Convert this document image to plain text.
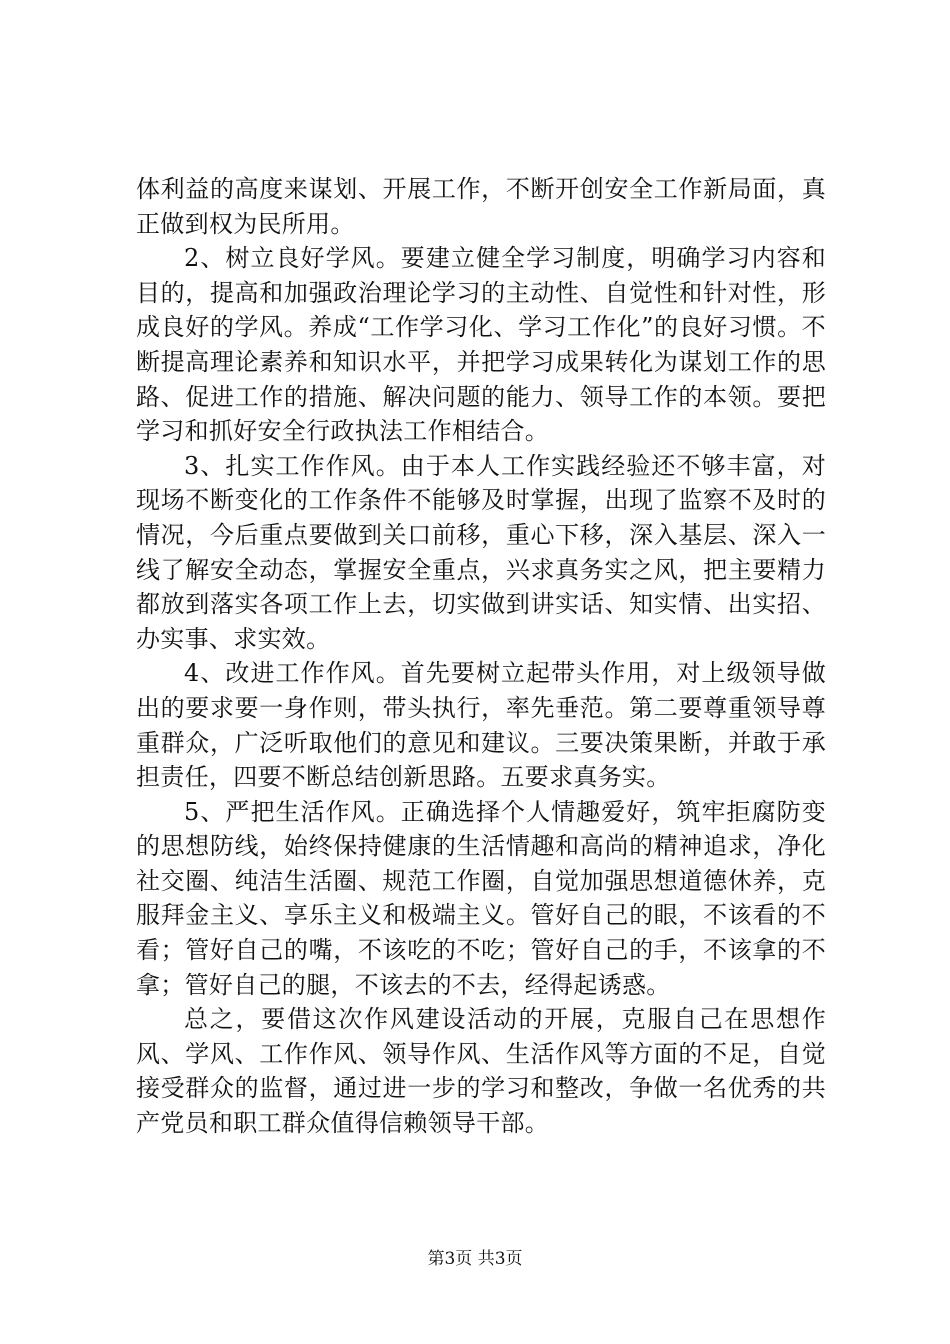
体利益的高度来谋划、开展工作，不断开创安全工作新局面，真正做到权为民所用。

2、树立良好学风。要建立健全学习制度，明确学习内容和目的，提高和加强政治理论学习的主动性、自觉性和针对性，形成良好的学风。养成“工作学习化、学习工作化”的良好习惯。不断提高理论素养和知识水平，并把学习成果转化为谋划工作的思路、促进工作的措施、解决问题的能力、领导工作的本领。要把学习和抓好安全行政执法工作相结合。

3、扎实工作作风。由于本人工作实践经验还不够丰富，对现场不断变化的工作条件不能够及时掌握，出现了监察不及时的情况，今后重点要做到关口前移，重心下移，深入基层、深入一线了解安全动态，掌握安全重点，兴求真务实之风，把主要精力都放到落实各项工作上去，切实做到讲实话、知实情、出实招、办实事、求实效。

4、改进工作作风。首先要树立起带头作用，对上级领导做出的要求要一身作则，带头执行，率先垂范。第二要尊重领导尊重群众，广泛听取他们的意见和建议。三要决策果断，并敢于承担责任，四要不断总结创新思路。五要求真务实。

5、严把生活作风。正确选择个人情趣爱好，筑牢拒腐防变的思想防线，始终保持健康的生活情趣和高尚的精神追求，净化社交圈、纯洁生活圈、规范工作圈，自觉加强思想道德休养，克服拜金主义、享乐主义和极端主义。管好自己的眼，不该看的不看；管好自己的嘴，不该吃的不吃；管好自己的手，不该拿的不拿；管好自己的腿，不该去的不去，经得起诱惑。

总之，要借这次作风建设活动的开展，克服自己在思想作风、学风、工作作风、领导作风、生活作风等方面的不足，自觉接受群众的监督，通过进一步的学习和整改，争做一名优秀的共产党员和职工群众值得信赖领导干部。

第3页 共3页
